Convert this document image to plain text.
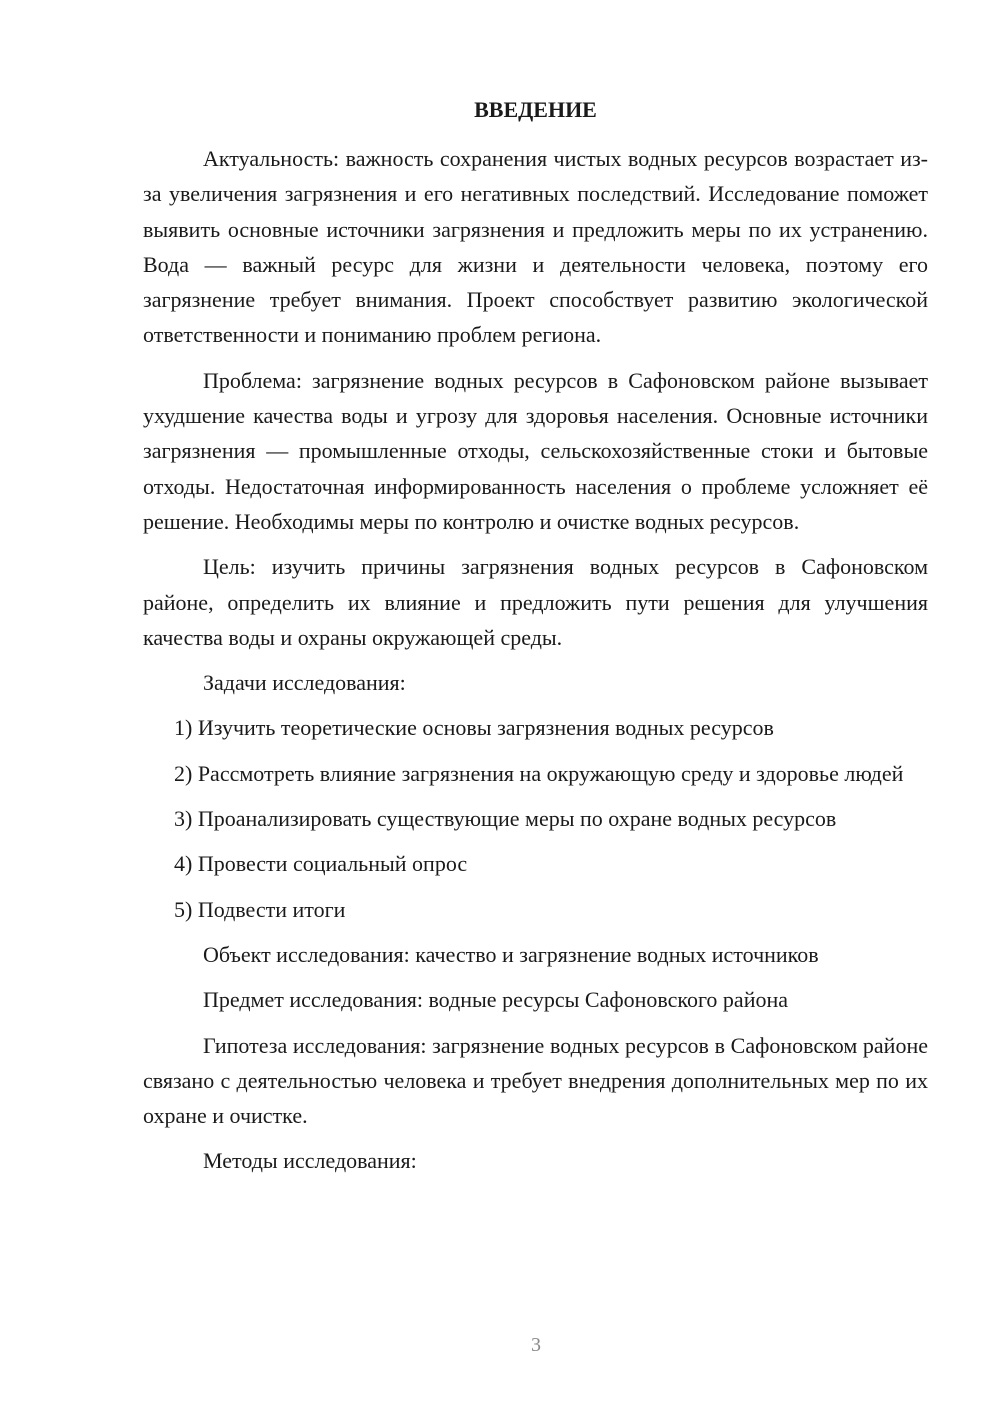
ВВЕДЕНИЕ

Актуальность: важность сохранения чистых водных ресурсов возрастает из-за увеличения загрязнения и его негативных последствий. Исследование поможет выявить основные источники загрязнения и предложить меры по их устранению. Вода — важный ресурс для жизни и деятельности человека, поэтому его загрязнение требует внимания. Проект способствует развитию экологической ответственности и пониманию проблем региона.

Проблема: загрязнение водных ресурсов в Сафоновском районе вызывает ухудшение качества воды и угрозу для здоровья населения. Основные источники загрязнения — промышленные отходы, сельскохозяйственные стоки и бытовые отходы. Недостаточная информированность населения о проблеме усложняет её решение. Необходимы меры по контролю и очистке водных ресурсов.

Цель: изучить причины загрязнения водных ресурсов в Сафоновском районе, определить их влияние и предложить пути решения для улучшения качества воды и охраны окружающей среды.

Задачи исследования:

1) Изучить теоретические основы загрязнения водных ресурсов

2) Рассмотреть влияние загрязнения на окружающую среду и здоровье людей

3) Проанализировать существующие меры по охране водных ресурсов

4) Провести социальный опрос

5) Подвести итоги

Объект исследования: качество и загрязнение водных источников

Предмет исследования: водные ресурсы Сафоновского района

Гипотеза исследования: загрязнение водных ресурсов в Сафоновском районе связано с деятельностью человека и требует внедрения дополнительных мер по их охране и очистке.

Методы исследования:

3
